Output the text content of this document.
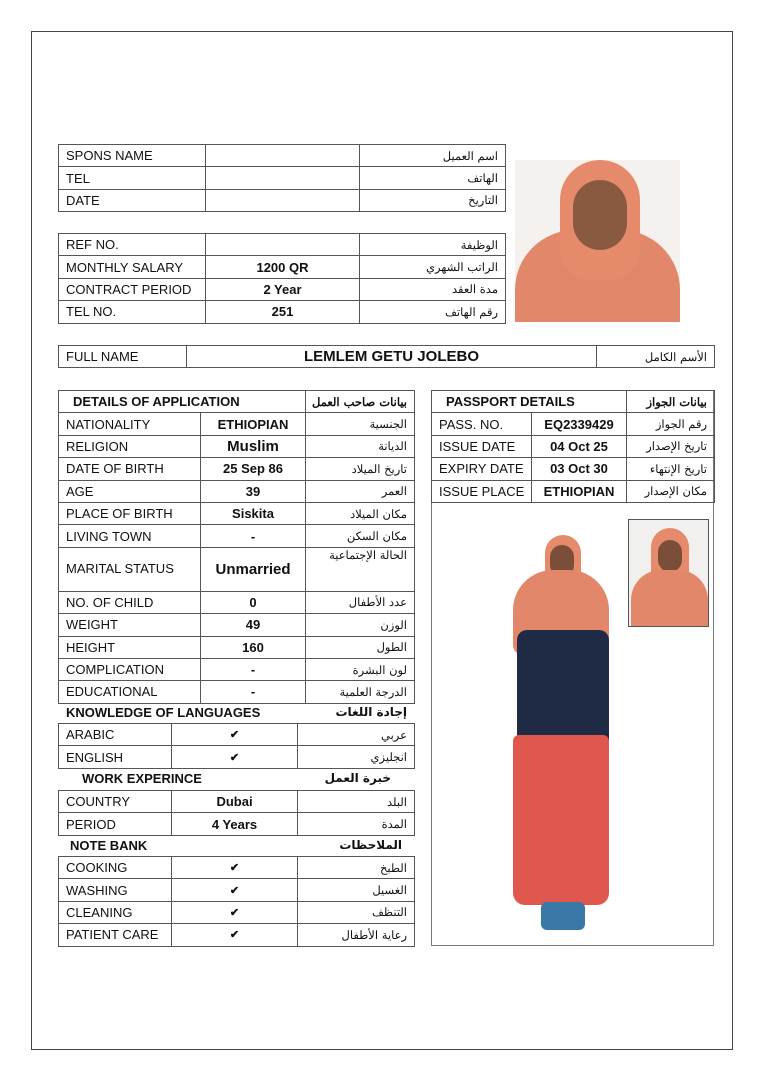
SPONS NAME		اسم العميل
TEL		الهاتف
DATE		التاريخ
REF NO.		الوظيفة
MONTHLY SALARY	1200 QR	الراتب الشهري
CONTRACT PERIOD	2 Year	مدة العقد
TEL NO.	251	رقم الهاتف
FULL NAME	LEMLEM GETU JOLEBO	الأسم الكامل
DETAILS OF APPLICATION		بيانات صاحب العمل
NATIONALITY	ETHIOPIAN	الجنسية
RELIGION	Muslim	الديانة
DATE OF BIRTH	25 Sep 86	تاريخ الميلاد
AGE	39	العمر
PLACE OF BIRTH	Siskita	مكان الميلاد
LIVING TOWN	-	مكان السكن
MARITAL STATUS	Unmarried	الحالة الإجتماعية
NO. OF CHILD	0	عدد الأطفال
WEIGHT	49	الوزن
HEIGHT	160	الطول
COMPLICATION	-	لون البشرة
EDUCATIONAL	-	الدرجة العلمية
KNOWLEDGE OF LANGUAGES	إجادة اللغات
ARABIC	✔	عربي
ENGLISH	✔	انجليزي
WORK EXPERINCE	خبرة العمل
COUNTRY	Dubai	البلد
PERIOD	4 Years	المدة
NOTE BANK	الملاحظات
COOKING	✔	الطبخ
WASHING	✔	الغسيل
CLEANING	✔	التنظف
PATIENT CARE	✔	رعاية الأطفال
PASSPORT DETAILS		بيانات الجواز
PASS. NO.	EQ2339429	رقم الجواز
ISSUE DATE	04 Oct 25	تاريخ الإصدار
EXPIRY DATE	03 Oct 30	تاريخ الإنتهاء
ISSUE PLACE	ETHIOPIAN	مكان الإصدار
